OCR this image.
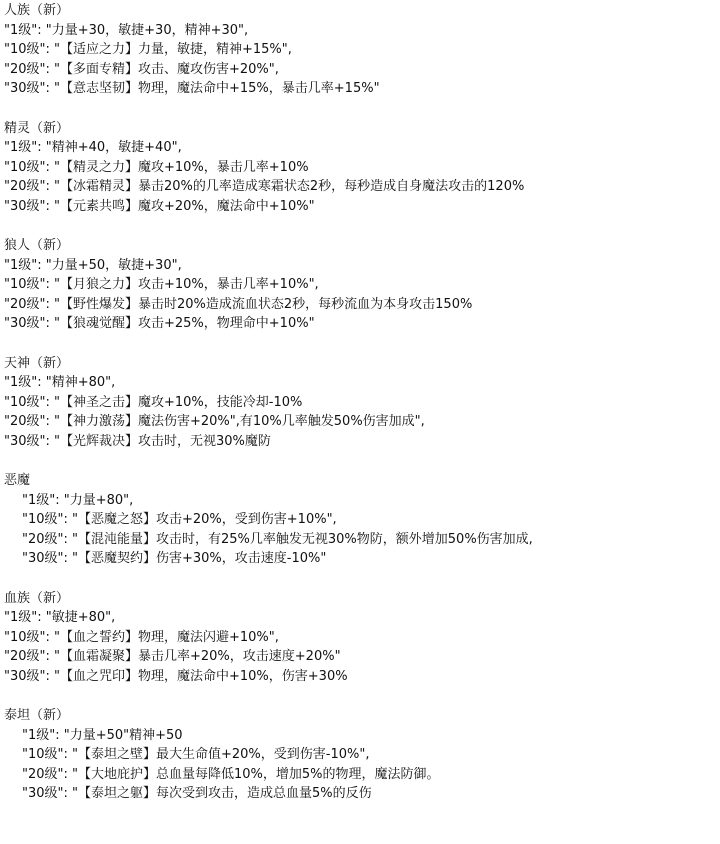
人族（新）
"1级": "力量+30，敏捷+30，精神+30",
"10级": "【适应之力】力量，敏捷，精神+15%",
"20级": "【多面专精】攻击、魔攻伤害+20%",
"30级": "【意志坚韧】物理，魔法命中+15%，暴击几率+15%"
精灵（新）
"1级": "精神+40，敏捷+40",
"10级": "【精灵之力】魔攻+10%，暴击几率+10%
"20级": "【冰霜精灵】暴击20%的几率造成寒霜状态2秒，每秒造成自身魔法攻击的120%
"30级": "【元素共鸣】魔攻+20%，魔法命中+10%"
狼人（新）
"1级": "力量+50，敏捷+30",
"10级": "【月狼之力】攻击+10%，暴击几率+10%",
"20级": "【野性爆发】暴击时20%造成流血状态2秒，每秒流血为本身攻击150%
"30级": "【狼魂觉醒】攻击+25%，物理命中+10%"
天神（新）
"1级": "精神+80",
"10级": "【神圣之击】魔攻+10%，技能冷却-10%
"20级": "【神力激荡】魔法伤害+20%",有10%几率触发50%伤害加成",
"30级": "【光辉裁决】攻击时，无视30%魔防
恶魔
"1级": "力量+80",
"10级": "【恶魔之怒】攻击+20%，受到伤害+10%",
"20级": "【混沌能量】攻击时，有25%几率触发无视30%物防，额外增加50%伤害加成,
"30级": "【恶魔契约】伤害+30%，攻击速度-10%"
血族（新）
"1级": "敏捷+80",
"10级": "【血之誓约】物理，魔法闪避+10%",
"20级": "【血霜凝聚】暴击几率+20%，攻击速度+20%"
"30级": "【血之咒印】物理，魔法命中+10%，伤害+30%
泰坦（新）
"1级": "力量+50"精神+50
"10级": "【泰坦之壁】最大生命值+20%，受到伤害-10%",
"20级": "【大地庇护】总血量每降低10%，增加5%的物理，魔法防御。
"30级": "【泰坦之躯】每次受到攻击，造成总血量5%的反伤
